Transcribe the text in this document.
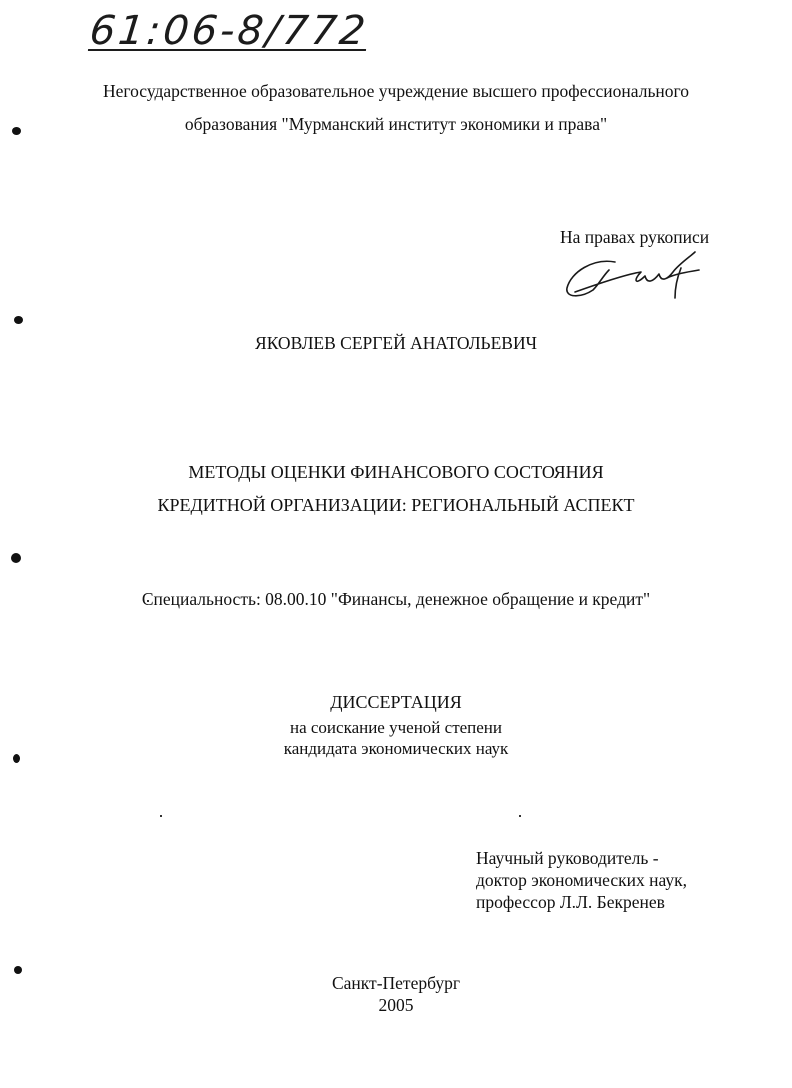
61:06-8/772
Негосударственное образовательное учреждение высшего профессионального
образования "Мурманский институт экономики и права"
На правах рукописи
ЯКОВЛЕВ СЕРГЕЙ АНАТОЛЬЕВИЧ
МЕТОДЫ ОЦЕНКИ ФИНАНСОВОГО СОСТОЯНИЯ
КРЕДИТНОЙ ОРГАНИЗАЦИИ: РЕГИОНАЛЬНЫЙ АСПЕКТ
Специальность: 08.00.10 "Финансы, денежное обращение и кредит"
ДИССЕРТАЦИЯ
на соискание ученой степени
кандидата экономических наук
Научный руководитель -
доктор экономических наук,
профессор Л.Л. Бекренев
Санкт-Петербург
2005
